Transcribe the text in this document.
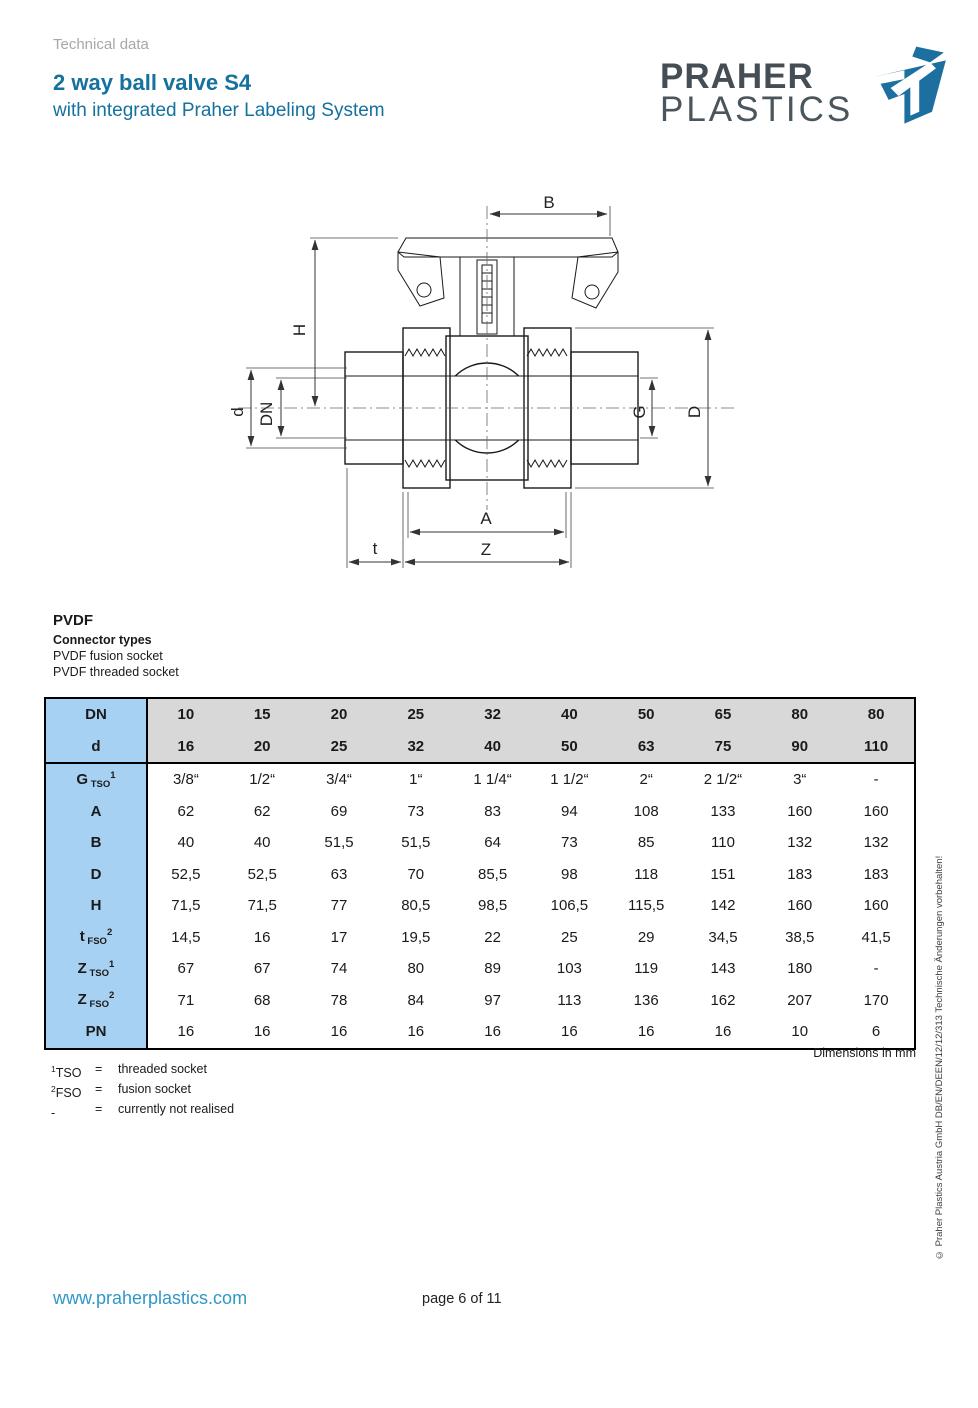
Technical data
2 way ball valve S4
with integrated Praher Labeling System
PRAHER
PLASTICS
B
H
d DN	G D
A
Z
t
PVDF
Connector types
PVDF fusion socket
PVDF threaded socket
DN	10	15	20	25	32	40	50	65	80	80
d	16	20	25	32	40	50	63	75	90	110
G $_{TSO}^1$	3/8“	1/2“	3/4“	1“	1 1/4“	1 1/2“	2“	2 1/2“	3“	-
A	62	62	69	73	83	94	108	133	160	160
B	40	40	51,5	51,5	64	73	85	110	132	132
D	52,5	52,5	63	70	85,5	98	118	151	183	183
H	71,5	71,5	77	80,5	98,5	106,5	115,5	142	160	160
t $_{FSO}^2$	14,5	16	17	19,5	22	25	29	34,5	38,5	41,5
Z $_{TSO}^1$	67	67	74	80	89	103	119	143	180	-
Z $_{FSO}^2$	71	68	78	84	97	113	136	162	207	170
PN	16	16	16	16	16	16	16	16	10	6
Dimensions in mm
$^1$TSO	=	threaded socket
$^2$FSO	=	fusion socket
-	=	currently not realised
www.praherplastics.com	page 6 of 11
© Praher Plastics Austria GmbH DB/EN/DEEN/12/12/313 Technische Änderungen vorbehalten!
